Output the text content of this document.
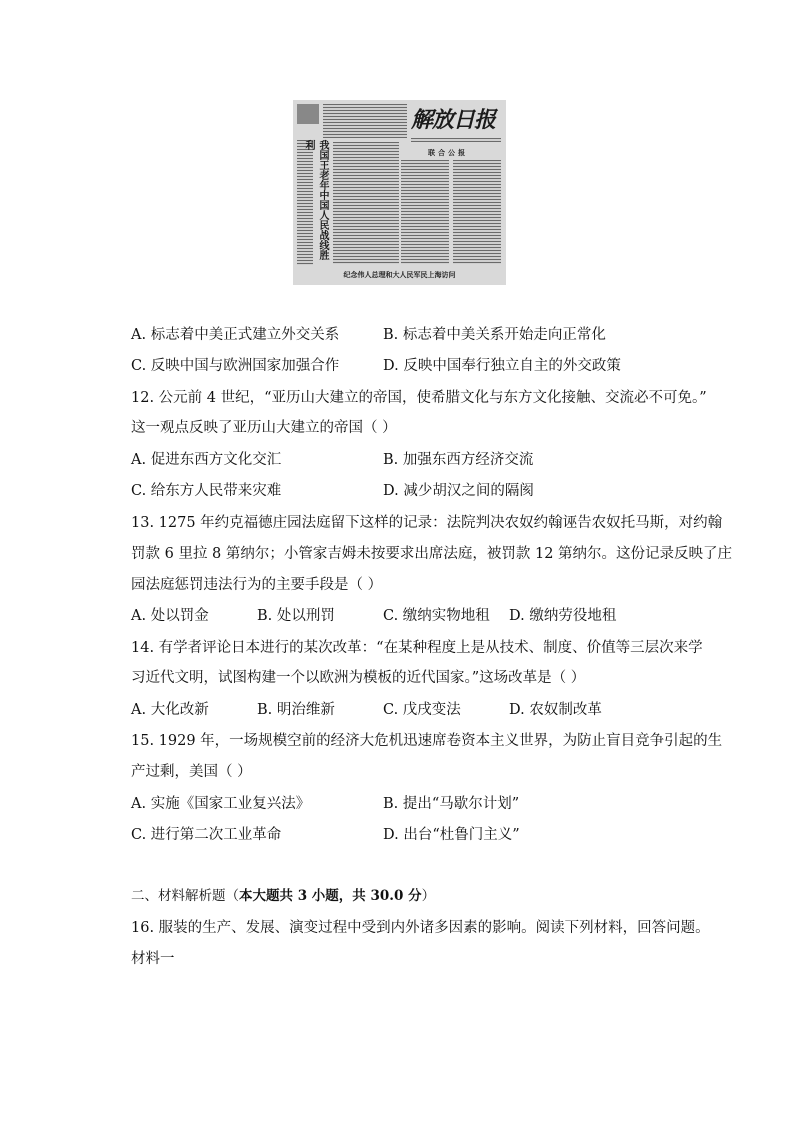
解放日报
联合公报
我国王老年中国人民战线胜利
纪念伟人总理和大人民军民上海访问
A. 标志着中美正式建立外交关系	B. 标志着中美关系开始走向正常化
C. 反映中国与欧洲国家加强合作	D. 反映中国奉行独立自主的外交政策
12. 公元前 4 世纪，“亚历山大建立的帝国，使希腊文化与东方文化接触、交流必不可免。”
这一观点反映了亚历山大建立的帝国（ ）
A. 促进东西方文化交汇	B. 加强东西方经济交流
C. 给东方人民带来灾难	D. 减少胡汉之间的隔阂
13. 1275 年约克福德庄园法庭留下这样的记录：法院判决农奴约翰诬告农奴托马斯，对约翰
罚款 6 里拉 8 第纳尔；小管家吉姆未按要求出席法庭，被罚款 12 第纳尔。这份记录反映了庄
园法庭惩罚违法行为的主要手段是（ ）
A. 处以罚金	B. 处以刑罚	C. 缴纳实物地租 D. 缴纳劳役地租
14. 有学者评论日本进行的某次改革：“在某种程度上是从技术、制度、价值等三层次来学
习近代文明，试图构建一个以欧洲为模板的近代国家。”这场改革是（ ）
A. 大化改新	B. 明治维新	C. 戊戌变法	D. 农奴制改革
15. 1929 年，一场规模空前的经济大危机迅速席卷资本主义世界，为防止盲目竞争引起的生
产过剩，美国（ ）
A. 实施《国家工业复兴法》	B. 提出“马歇尔计划”
C. 进行第二次工业革命	D. 出台“杜鲁门主义”
二、材料解析题（本大题共 3 小题，共 30.0 分）
16. 服装的生产、发展、演变过程中受到内外诸多因素的影响。阅读下列材料，回答问题。
材料一
